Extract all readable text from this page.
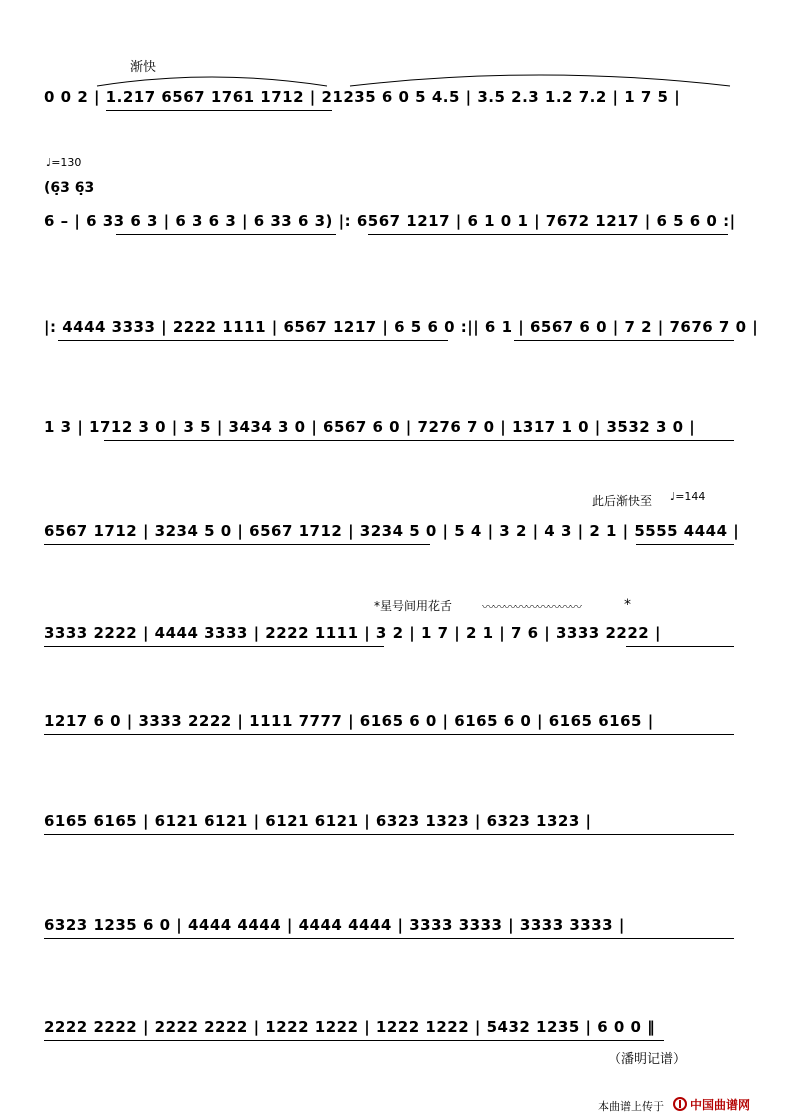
渐快
♩=130
(6̣3 6̣3
此后渐快至 ♩=144
*星号间用花舌 〰〰〰〰〰〰〰〰〰	*
0 0 2 | 1.217 6567 1761 1712 | 21235 6 0 5 4.5 | 3.5 2.3 1.2 7.2 | 1 7 5 |
6 – | 6 33 6 3 | 6 3 6 3 | 6 33 6 3) |: 6567 1217 | 6 1 0 1 | 7672 1217 | 6 5 6 0 :|
|: 4444 3333 | 2222 1111 | 6567 1217 | 6 5 6 0 :|| 6 1 | 6567 6 0 | 7 2 | 7676 7 0 |
1 3 | 1712 3 0 | 3 5 | 3434 3 0 | 6567 6 0 | 7276 7 0 | 1317 1 0 | 3532 3 0 |
6567 1712 | 3234 5 0 | 6567 1712 | 3234 5 0 | 5 4 | 3 2 | 4 3 | 2 1 | 5555 4444 |
3333 2222 | 4444 3333 | 2222 1111 | 3 2 | 1 7 | 2 1 | 7 6 | 3333 2222 |
1217 6 0 | 3333 2222 | 1111 7777 | 6165 6 0 | 6165 6 0 | 6165 6165 |
6165 6165 | 6121 6121 | 6121 6121 | 6323 1323 | 6323 1323 |
6323 1235 6 0 | 4444 4444 | 4444 4444 | 3333 3333 | 3333 3333 |
2222 2222 | 2222 2222 | 1222 1222 | 1222 1222 | 5432 1235 | 6 0 0 ‖
（潘明记谱）
本曲谱上传于 中国曲谱网
